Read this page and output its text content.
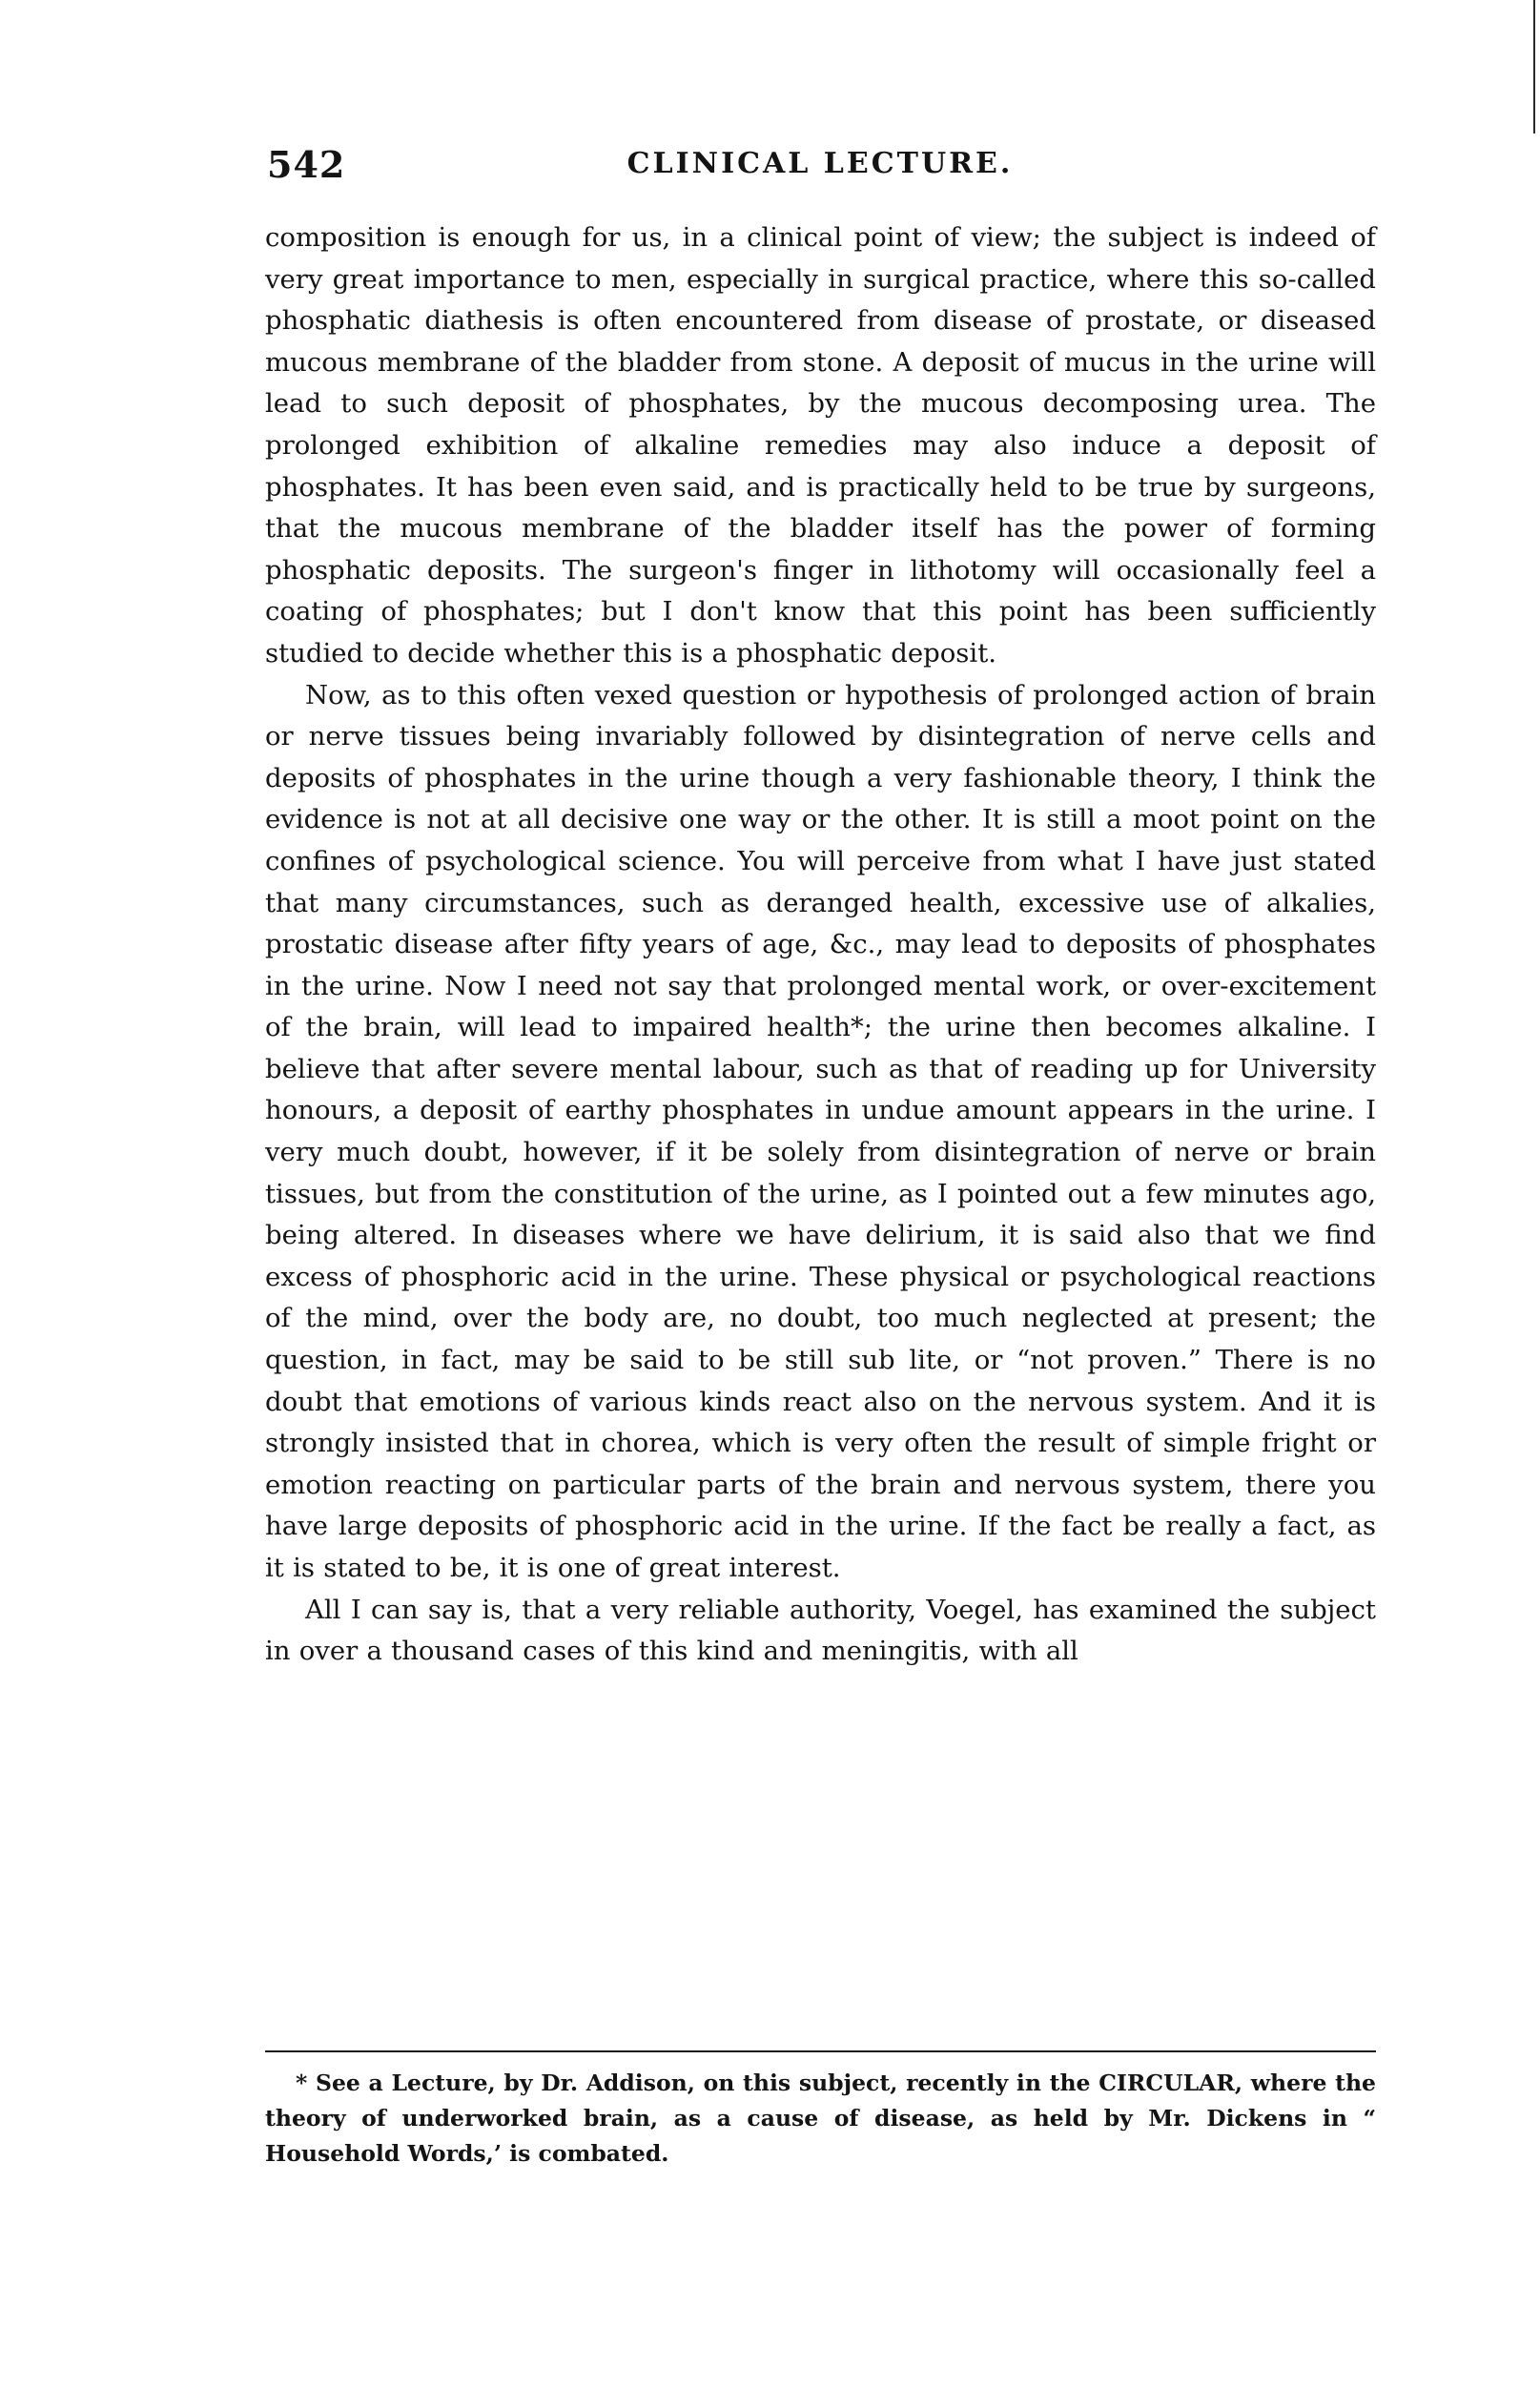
542	CLINICAL LECTURE.

composition is enough for us, in a clinical point of view; the subject is indeed of very great importance to men, especially in surgical practice, where this so-called phosphatic diathesis is often encountered from disease of prostate, or diseased mucous membrane of the bladder from stone. A deposit of mucus in the urine will lead to such deposit of phosphates, by the mucous decomposing urea. The prolonged exhibition of alkaline remedies may also induce a deposit of phosphates. It has been even said, and is practically held to be true by surgeons, that the mucous membrane of the bladder itself has the power of forming phosphatic deposits. The surgeon's finger in lithotomy will occasionally feel a coating of phosphates; but I don't know that this point has been sufficiently studied to decide whether this is a phosphatic deposit.

Now, as to this often vexed question or hypothesis of prolonged action of brain or nerve tissues being invariably followed by disintegration of nerve cells and deposits of phosphates in the urine though a very fashionable theory, I think the evidence is not at all decisive one way or the other. It is still a moot point on the confines of psychological science. You will perceive from what I have just stated that many circumstances, such as deranged health, excessive use of alkalies, prostatic disease after fifty years of age, &c., may lead to deposits of phosphates in the urine. Now I need not say that prolonged mental work, or over-excitement of the brain, will lead to impaired health*; the urine then becomes alkaline. I believe that after severe mental labour, such as that of reading up for University honours, a deposit of earthy phosphates in undue amount appears in the urine. I very much doubt, however, if it be solely from disintegration of nerve or brain tissues, but from the constitution of the urine, as I pointed out a few minutes ago, being altered. In diseases where we have delirium, it is said also that we find excess of phosphoric acid in the urine. These physical or psychological reactions of the mind, over the body are, no doubt, too much neglected at present; the question, in fact, may be said to be still sub lite, or “not proven.” There is no doubt that emotions of various kinds react also on the nervous system. And it is strongly insisted that in chorea, which is very often the result of simple fright or emotion reacting on particular parts of the brain and nervous system, there you have large deposits of phosphoric acid in the urine. If the fact be really a fact, as it is stated to be, it is one of great interest.

All I can say is, that a very reliable authority, Voegel, has examined the subject in over a thousand cases of this kind and meningitis, with all

* See a Lecture, by Dr. Addison, on this subject, recently in the CIRCULAR, where the theory of underworked brain, as a cause of disease, as held by Mr. Dickens in “ Household Words,’ is combated.
